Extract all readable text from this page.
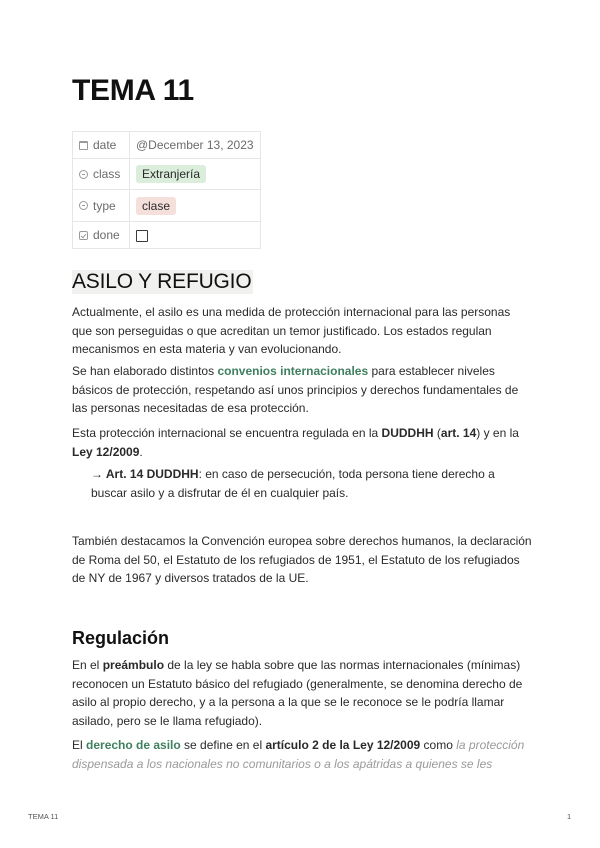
TEMA 11
date	@December 13, 2023

class	Extranjería

type	clase

done	

ASILO Y REFUGIO

Actualmente, el asilo es una medida de protección internacional para las personas que son perseguidas o que acreditan un temor justificado. Los estados regulan mecanismos en esta materia y van evolucionando.

Se han elaborado distintos convenios internacionales para establecer niveles básicos de protección, respetando así unos principios y derechos fundamentales de las personas necesitadas de esa protección.

Esta protección internacional se encuentra regulada en la DUDDHH (art. 14) y en la Ley 12/2009.

→ Art. 14 DUDDHH: en caso de persecución, toda persona tiene derecho a buscar asilo y a disfrutar de él en cualquier país.

También destacamos la Convención europea sobre derechos humanos, la declaración de Roma del 50, el Estatuto de los refugiados de 1951, el Estatuto de los refugiados de NY de 1967 y diversos tratados de la UE.

Regulación

En el preámbulo de la ley se habla sobre que las normas internacionales (mínimas) reconocen un Estatuto básico del refugiado (generalmente, se denomina derecho de asilo al propio derecho, y a la persona a la que se le reconoce se le podría llamar asilado, pero se le llama refugiado).

El derecho de asilo se define en el artículo 2 de la Ley 12/2009 como la protección dispensada a los nacionales no comunitarios o a los apátridas a quienes se les

TEMA 11	1
